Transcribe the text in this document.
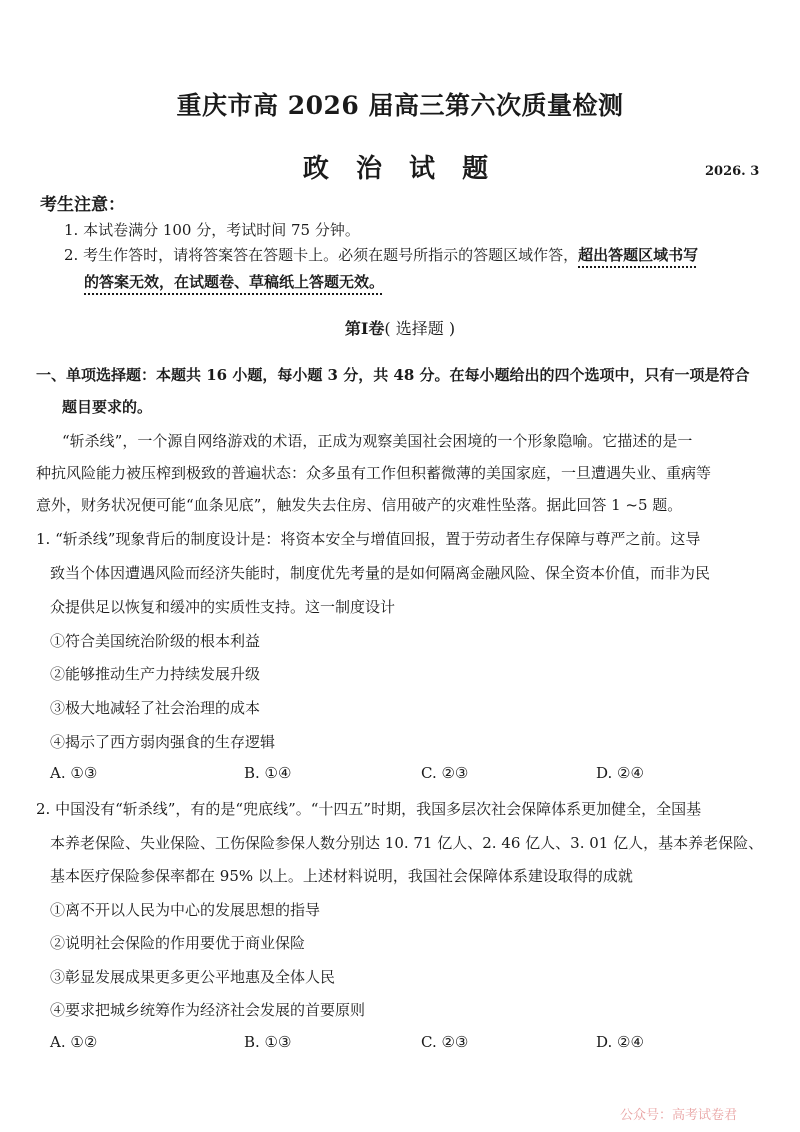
重庆市高 2026 届高三第六次质量检测
政 治 试 题	2026. 3
考生注意：
1. 本试卷满分 100 分，考试时间 75 分钟。
2. 考生作答时，请将答案答在答题卡上。必须在题号所指示的答题区域作答，超出答题区域书写
的答案无效，在试题卷、草稿纸上答题无效。
第Ⅰ卷( 选择题 )
一、单项选择题：本题共 16 小题，每小题 3 分，共 48 分。在每小题给出的四个选项中，只有一项是符合
题目要求的。
“斩杀线”，一个源自网络游戏的术语，正成为观察美国社会困境的一个形象隐喻。它描述的是一
种抗风险能力被压榨到极致的普遍状态：众多虽有工作但积蓄微薄的美国家庭，一旦遭遇失业、重病等
意外，财务状况便可能“血条见底”，触发失去住房、信用破产的灾难性坠落。据此回答 1 ~5 题。
1. “斩杀线”现象背后的制度设计是：将资本安全与增值回报，置于劳动者生存保障与尊严之前。这导
致当个体因遭遇风险而经济失能时，制度优先考量的是如何隔离金融风险、保全资本价值，而非为民
众提供足以恢复和缓冲的实质性支持。这一制度设计
①符合美国统治阶级的根本利益
②能够推动生产力持续发展升级
③极大地减轻了社会治理的成本
④揭示了西方弱肉强食的生存逻辑
A. ①③	B. ①④	C. ②③	D. ②④
2. 中国没有“斩杀线”，有的是“兜底线”。“十四五”时期，我国多层次社会保障体系更加健全，全国基
本养老保险、失业保险、工伤保险参保人数分别达 10. 71 亿人、2. 46 亿人、3. 01 亿人，基本养老保险、
基本医疗保险参保率都在 95% 以上。上述材料说明，我国社会保障体系建设取得的成就
①离不开以人民为中心的发展思想的指导
②说明社会保险的作用要优于商业保险
③彰显发展成果更多更公平地惠及全体人民
④要求把城乡统筹作为经济社会发展的首要原则
A. ①②	B. ①③	C. ②③	D. ②④
公众号：高考试卷君
